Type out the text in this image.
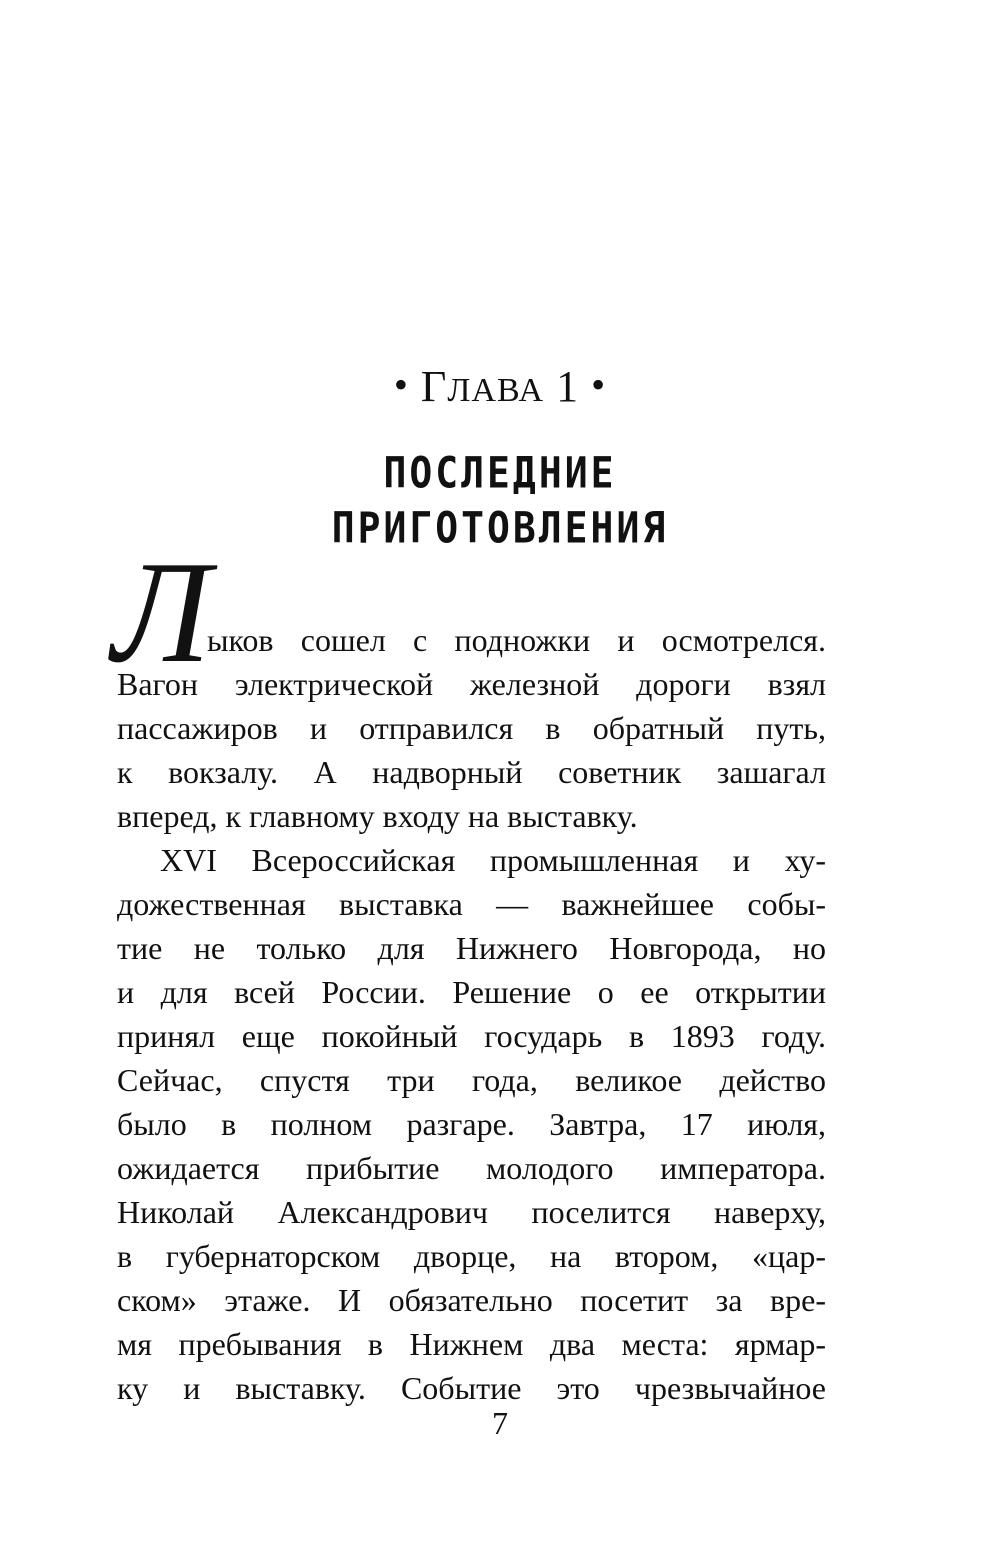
• ГЛАВА 1 •
ПОСЛЕДНИЕ
ПРИГОТОВЛЕНИЯ
Л
ыков сошел с подножки и осмотрелся.
Вагон электрической железной дороги взял
пассажиров и отправился в обратный путь,
к вокзалу. А надворный советник зашагал
вперед, к главному входу на выставку.
XVI Всероссийская промышленная и ху-
дожественная выставка — важнейшее собы-
тие не только для Нижнего Новгорода, но
и для всей России. Решение о ее открытии
принял еще покойный государь в 1893 году.
Сейчас, спустя три года, великое действо
было в полном разгаре. Завтра, 17 июля,
ожидается прибытие молодого императора.
Николай Александрович поселится наверху,
в губернаторском дворце, на втором, «цар-
ском» этаже. И обязательно посетит за вре-
мя пребывания в Нижнем два места: ярмар-
ку и выставку. Событие это чрезвычайное
7
